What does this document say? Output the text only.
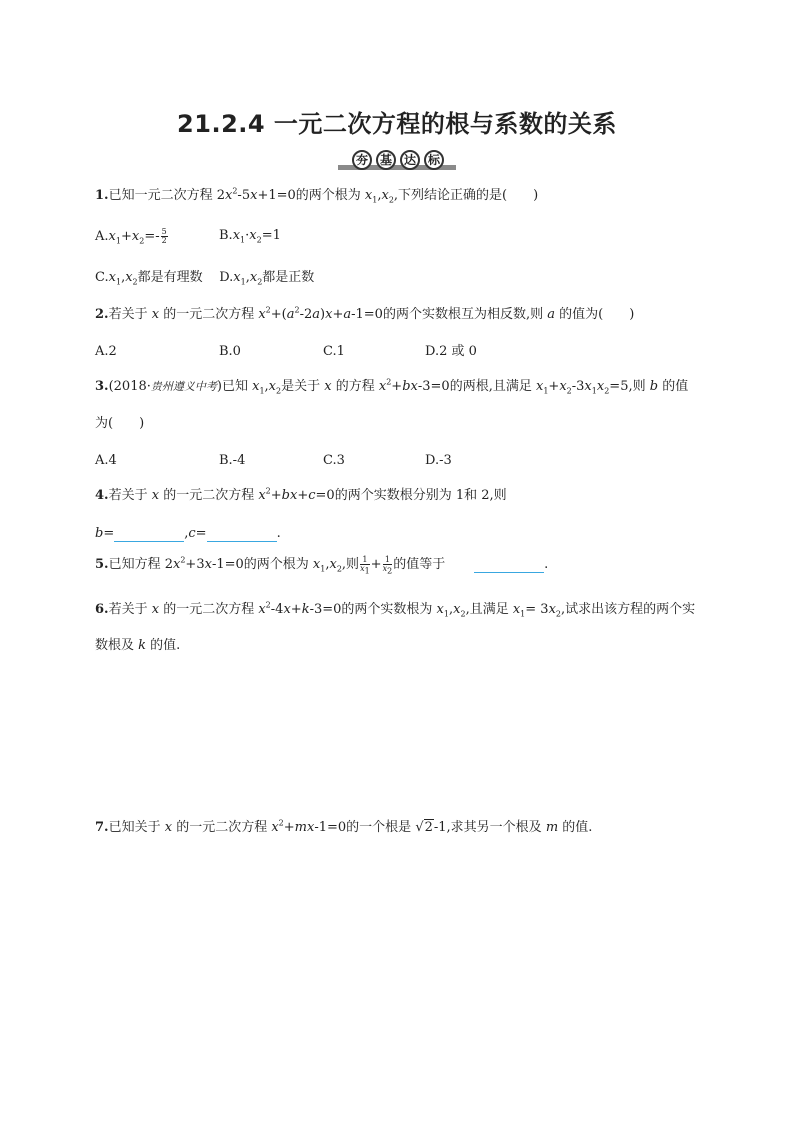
21.2.4 一元二次方程的根与系数的关系
夯 基 达 标
1.已知一元二次方程 $2x^2-5x+1=0$的两个根为 $x_1,x_2$,下列结论正确的是(　　)
$A.x_1+x_2=- \frac{5}{2}$	$B.x_1\cdot x_2=1$
$C.x_1,x_2$都是有理数 $D.x_1,x_2$都是正数
2.若关于 x 的一元二次方程 $x^2+(a^2-2a)x+a-1=0$的两个实数根互为相反数,则 a 的值为(　　)
A.2	B.0	C.1	D.2 或 0
3.(2018·贵州遵义中考)已知 $x_1,x_2$是关于 x 的方程 $x^2+bx-3=0$的两根,且满足 $x_1+x_2-3x_1x_2=5$,则 b 的值
为(　　)
A.4	B.-4	C.3	D.-3
4.若关于 x 的一元二次方程 $x^2+bx+c=0$的两个实数根分别为 1和 2,则
b=	,c=	.
5.已知方程 $2x^2+3x-1=0$的两个根为 $x_1,x_2$,则 $\frac{1}{x_1} + \frac{1}{x_2}$ 的值等于	.
6.若关于 x 的一元二次方程 $x^2-4x+k-3=0$的两个实数根为 $x_1,x_2$,且满足 $x_1= 3x_2$,试求出该方程的两个实
数根及 k 的值.
7.已知关于 x 的一元二次方程 $x^2+mx-1=0$的一个根是 √2-1,求其另一个根及 m 的值.
